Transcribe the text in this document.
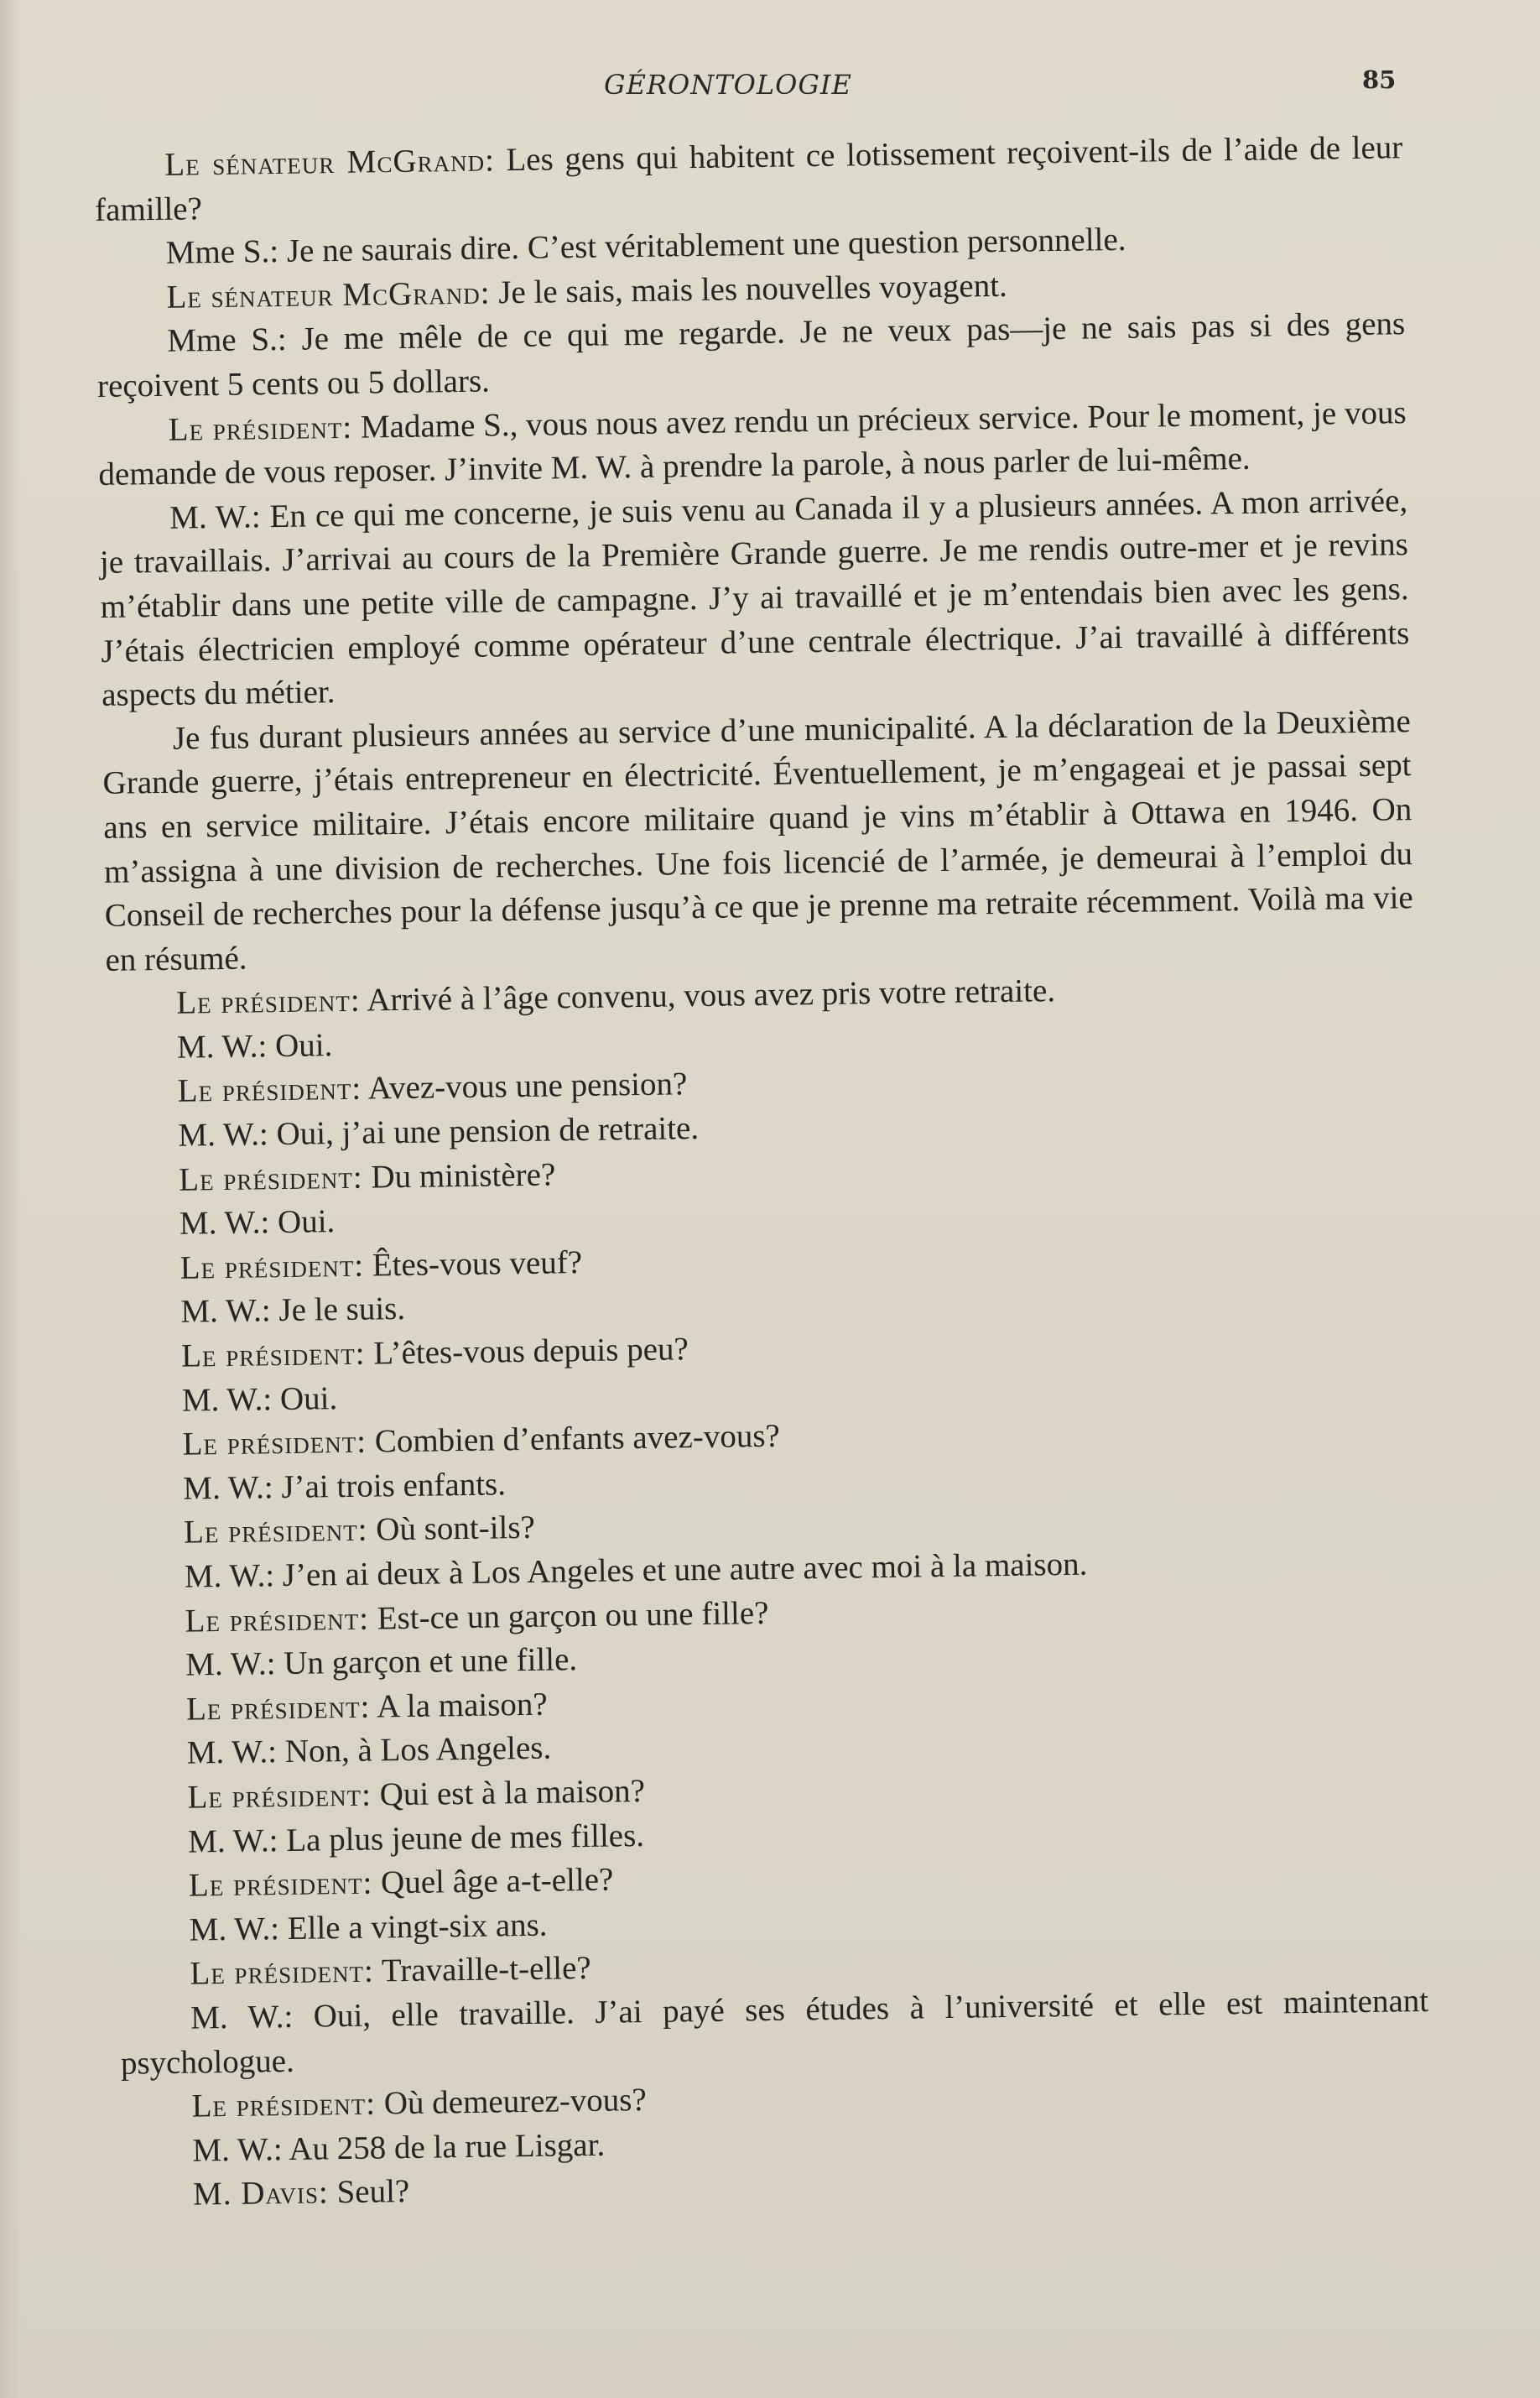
GÉRONTOLOGIE	85

Le sénateur McGrand: Les gens qui habitent ce lotissement reçoivent-ils de l’aide de leur famille?

Mme S.: Je ne saurais dire. C’est véritablement une question personnelle.

Le sénateur McGrand: Je le sais, mais les nouvelles voyagent.

Mme S.: Je me mêle de ce qui me regarde. Je ne veux pas—je ne sais pas si des gens reçoivent 5 cents ou 5 dollars.

Le président: Madame S., vous nous avez rendu un précieux service. Pour le moment, je vous demande de vous reposer. J’invite M. W. à prendre la parole, à nous parler de lui-même.

M. W.: En ce qui me concerne, je suis venu au Canada il y a plusieurs années. A mon arrivée, je travaillais. J’arrivai au cours de la Première Grande guerre. Je me rendis outre-mer et je revins m’établir dans une petite ville de campagne. J’y ai travaillé et je m’entendais bien avec les gens. J’étais électricien employé comme opérateur d’une centrale électrique. J’ai travaillé à différents aspects du métier.

Je fus durant plusieurs années au service d’une municipalité. A la déclaration de la Deuxième Grande guerre, j’étais entrepreneur en électricité. Éventuellement, je m’engageai et je passai sept ans en service militaire. J’étais encore militaire quand je vins m’établir à Ottawa en 1946. On m’assigna à une division de recherches. Une fois licencié de l’armée, je demeurai à l’emploi du Conseil de recherches pour la défense jusqu’à ce que je prenne ma retraite récemment. Voilà ma vie en résumé.

Le président: Arrivé à l’âge convenu, vous avez pris votre retraite.

M. W.: Oui.

Le président: Avez-vous une pension?

M. W.: Oui, j’ai une pension de retraite.

Le président: Du ministère?

M. W.: Oui.

Le président: Êtes-vous veuf?

M. W.: Je le suis.

Le président: L’êtes-vous depuis peu?

M. W.: Oui.

Le président: Combien d’enfants avez-vous?

M. W.: J’ai trois enfants.

Le président: Où sont-ils?

M. W.: J’en ai deux à Los Angeles et une autre avec moi à la maison.

Le président: Est-ce un garçon ou une fille?

M. W.: Un garçon et une fille.

Le président: A la maison?

M. W.: Non, à Los Angeles.

Le président: Qui est à la maison?

M. W.: La plus jeune de mes filles.

Le président: Quel âge a-t-elle?

M. W.: Elle a vingt-six ans.

Le président: Travaille-t-elle?

M. W.: Oui, elle travaille. J’ai payé ses études à l’université et elle est maintenant psychologue.

Le président: Où demeurez-vous?

M. W.: Au 258 de la rue Lisgar.

M. Davis: Seul?
